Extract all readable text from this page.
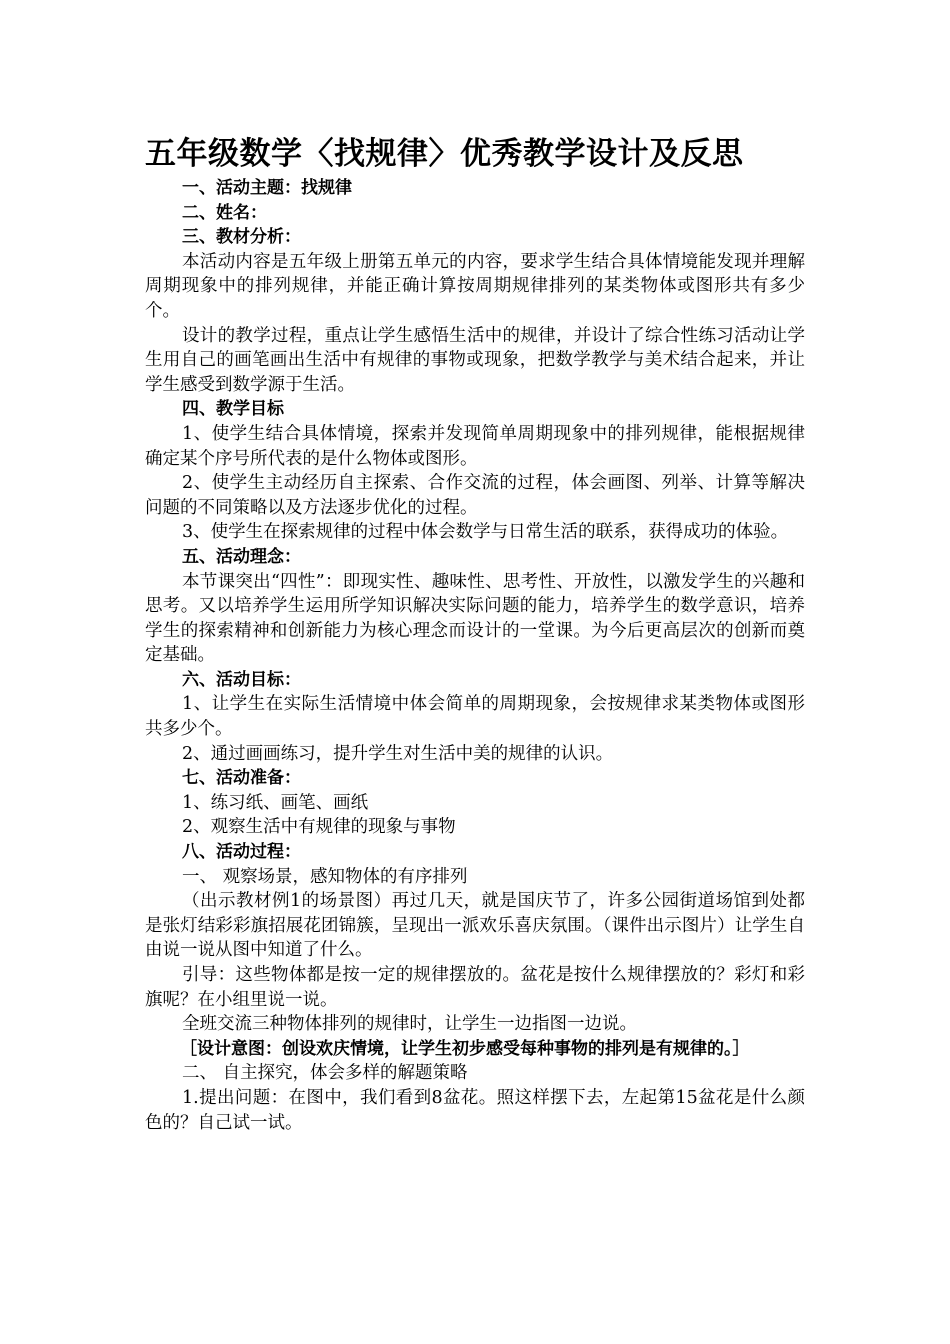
五年级数学〈找规律〉优秀教学设计及反思

一、活动主题：找规律

二、姓名：

三、教材分析：

本活动内容是五年级上册第五单元的内容，要求学生结合具体情境能发现并理解周期现象中的排列规律，并能正确计算按周期规律排列的某类物体或图形共有多少个。

设计的教学过程，重点让学生感悟生活中的规律，并设计了综合性练习活动让学生用自己的画笔画出生活中有规律的事物或现象，把数学教学与美术结合起来，并让学生感受到数学源于生活。

四、教学目标

1、使学生结合具体情境，探索并发现简单周期现象中的排列规律，能根据规律确定某个序号所代表的是什么物体或图形。

2、使学生主动经历自主探索、合作交流的过程，体会画图、列举、计算等解决问题的不同策略以及方法逐步优化的过程。

3、使学生在探索规律的过程中体会数学与日常生活的联系，获得成功的体验。

五、活动理念：

本节课突出“四性”：即现实性、趣味性、思考性、开放性，以激发学生的兴趣和思考。又以培养学生运用所学知识解决实际问题的能力，培养学生的数学意识，培养学生的探索精神和创新能力为核心理念而设计的一堂课。为今后更高层次的创新而奠定基础。

六、活动目标：

1、让学生在实际生活情境中体会简单的周期现象，会按规律求某类物体或图形共多少个。

2、通过画画练习，提升学生对生活中美的规律的认识。

七、活动准备：

1、练习纸、画笔、画纸

2、观察生活中有规律的现象与事物

八、活动过程：

一、 观察场景，感知物体的有序排列

（出示教材例1的场景图）再过几天，就是国庆节了，许多公园街道场馆到处都是张灯结彩彩旗招展花团锦簇，呈现出一派欢乐喜庆氛围。（课件出示图片）让学生自由说一说从图中知道了什么。

引导：这些物体都是按一定的规律摆放的。盆花是按什么规律摆放的？彩灯和彩旗呢？在小组里说一说。

全班交流三种物体排列的规律时，让学生一边指图一边说。

［设计意图：创设欢庆情境，让学生初步感受每种事物的排列是有规律的。］

二、 自主探究，体会多样的解题策略

1.提出问题：在图中，我们看到8盆花。照这样摆下去，左起第15盆花是什么颜色的？自己试一试。
